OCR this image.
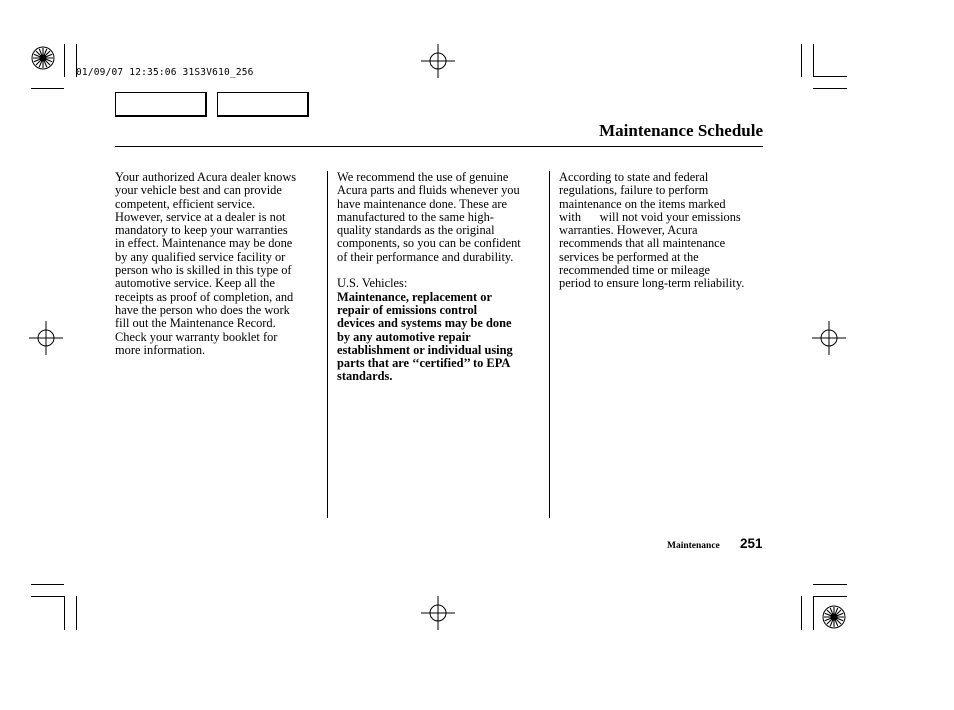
01/09/07 12:35:06 31S3V610_256
Maintenance Schedule

Your authorized Acura dealer knows
your vehicle best and can provide
competent, efficient service.
However, service at a dealer is not
mandatory to keep your warranties
in effect. Maintenance may be done
by any qualified service facility or
person who is skilled in this type of
automotive service. Keep all the
receipts as proof of completion, and
have the person who does the work
fill out the Maintenance Record.
Check your warranty booklet for
more information.

We recommend the use of genuine
Acura parts and fluids whenever you
have maintenance done. These are
manufactured to the same high-
quality standards as the original
components, so you can be confident
of their performance and durability.

U.S. Vehicles:

Maintenance, replacement or
repair of emissions control
devices and systems may be done
by any automotive repair
establishment or individual using
parts that are ‘‘certified’’ to EPA
standards.

According to state and federal
regulations, failure to perform
maintenance on the items marked
with      will not void your emissions
warranties. However, Acura
recommends that all maintenance
services be performed at the
recommended time or mileage
period to ensure long-term reliability.

Maintenance 251
